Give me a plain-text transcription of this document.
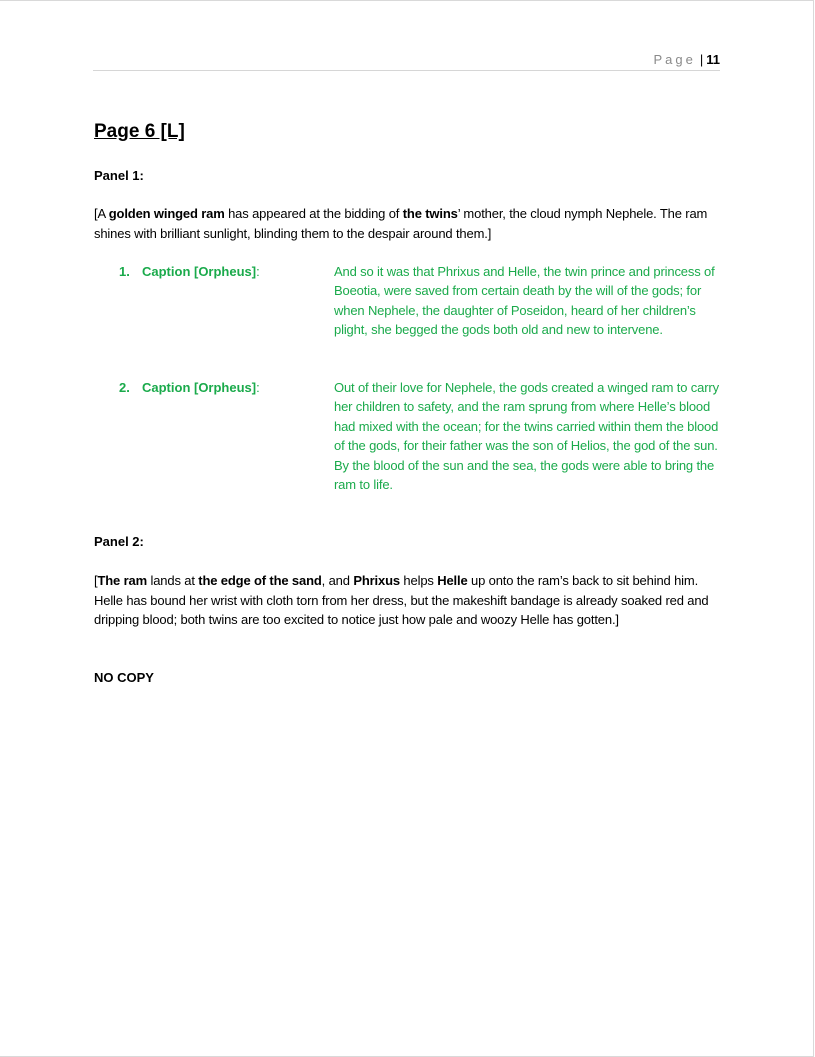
Page | 11
Page 6 [L]

Panel 1:

[A golden winged ram has appeared at the bidding of the twins’ mother, the cloud nymph Nephele. The ram shines with brilliant sunlight, blinding them to the despair around them.]

1. Caption [Orpheus]:	And so it was that Phrixus and Helle, the twin prince and princess of Boeotia, were saved from certain death by the will of the gods; for when Nephele, the daughter of Poseidon, heard of her children’s plight, she begged the gods both old and new to intervene.
2. Caption [Orpheus]:	Out of their love for Nephele, the gods created a winged ram to carry her children to safety, and the ram sprung from where Helle’s blood had mixed with the ocean; for the twins carried within them the blood of the gods, for their father was the son of Helios, the god of the sun. By the blood of the sun and the sea, the gods were able to bring the ram to life.

Panel 2:

[The ram lands at the edge of the sand, and Phrixus helps Helle up onto the ram’s back to sit behind him. Helle has bound her wrist with cloth torn from her dress, but the makeshift bandage is already soaked red and dripping blood; both twins are too excited to notice just how pale and woozy Helle has gotten.]

NO COPY
